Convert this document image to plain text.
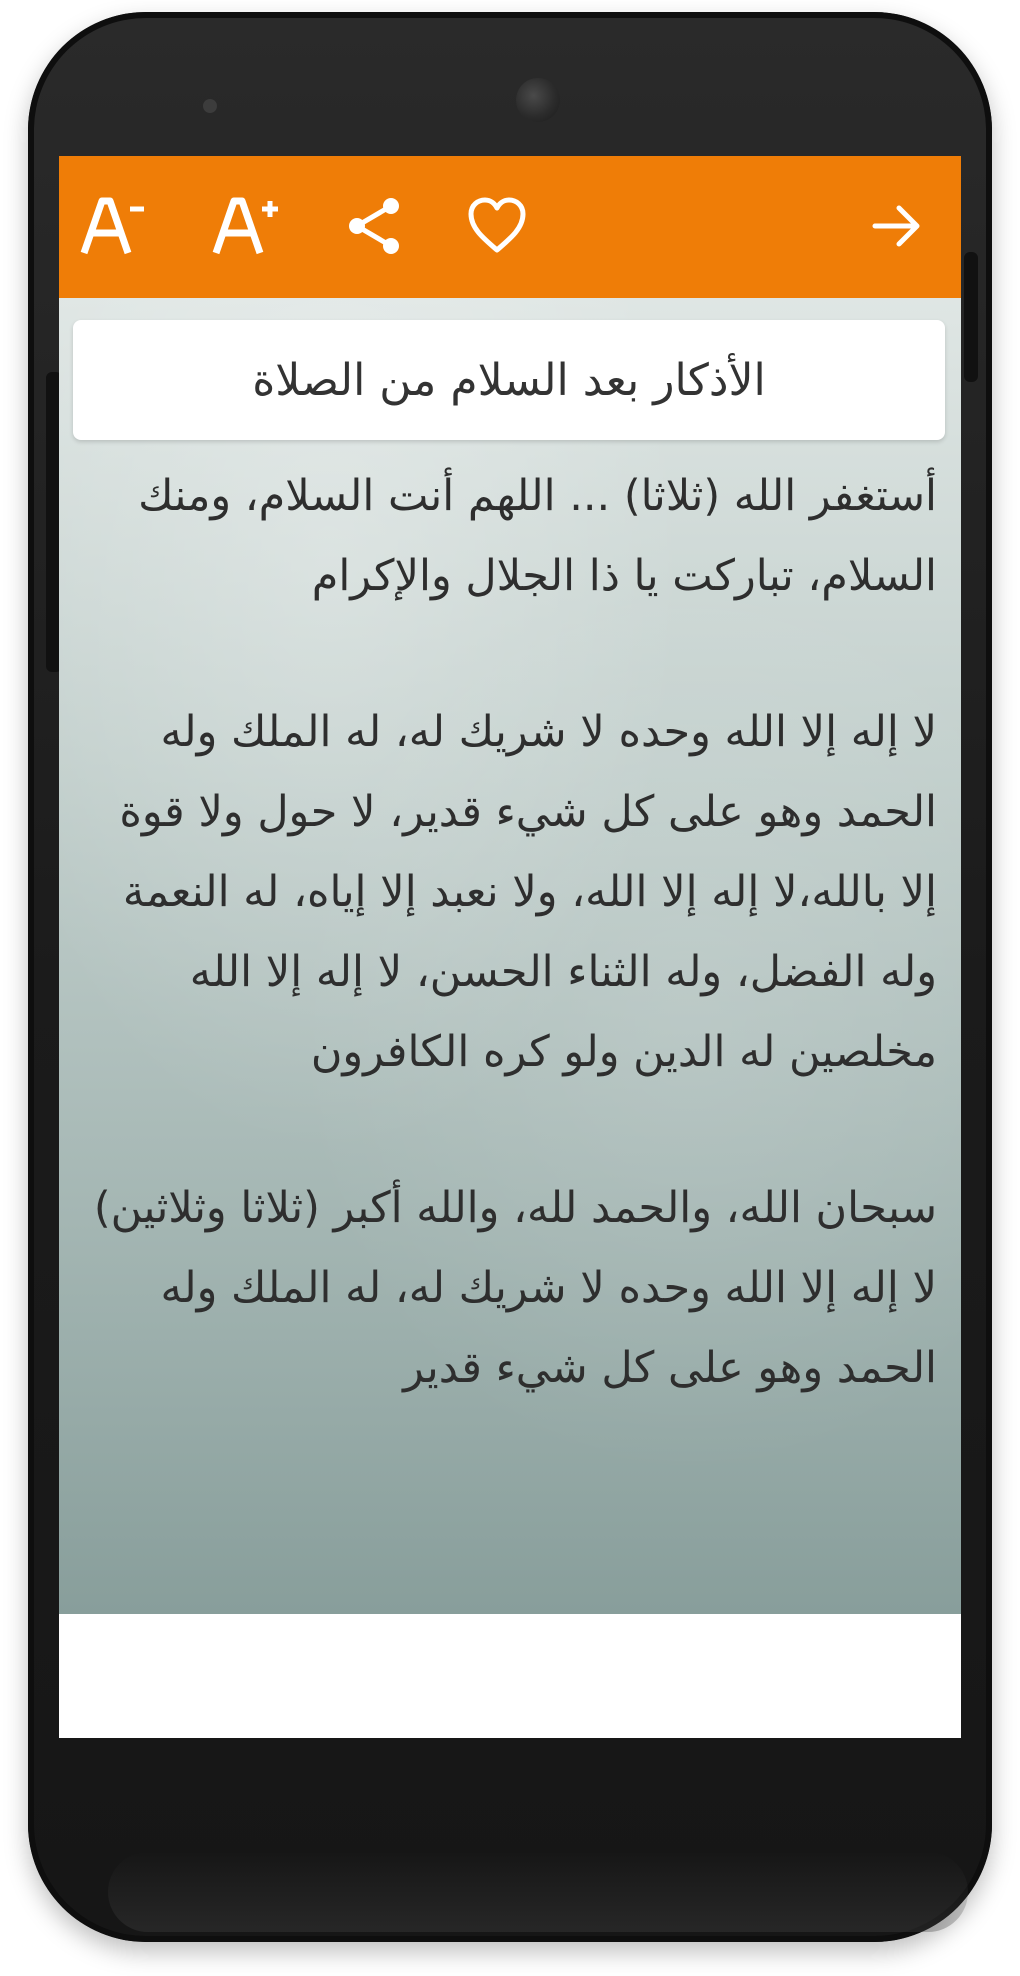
الأذكار بعد السلام من الصلاة

أستغفر الله (ثلاثا) ... اللهم أنت السلام، ومنك السلام، تباركت يا ذا الجلال والإكرام

لا إله إلا الله وحده لا شريك له، له الملك وله الحمد وهو على كل شيء قدير، لا حول ولا قوة إلا بالله،لا إله إلا الله، ولا نعبد إلا إياه، له النعمة وله الفضل، وله الثناء الحسن، لا إله إلا الله مخلصين له الدين ولو كره الكافرون

سبحان الله، والحمد لله، والله أكبر (ثلاثا وثلاثين) لا إله إلا الله وحده لا شريك له، له الملك وله الحمد وهو على كل شيء قدير
